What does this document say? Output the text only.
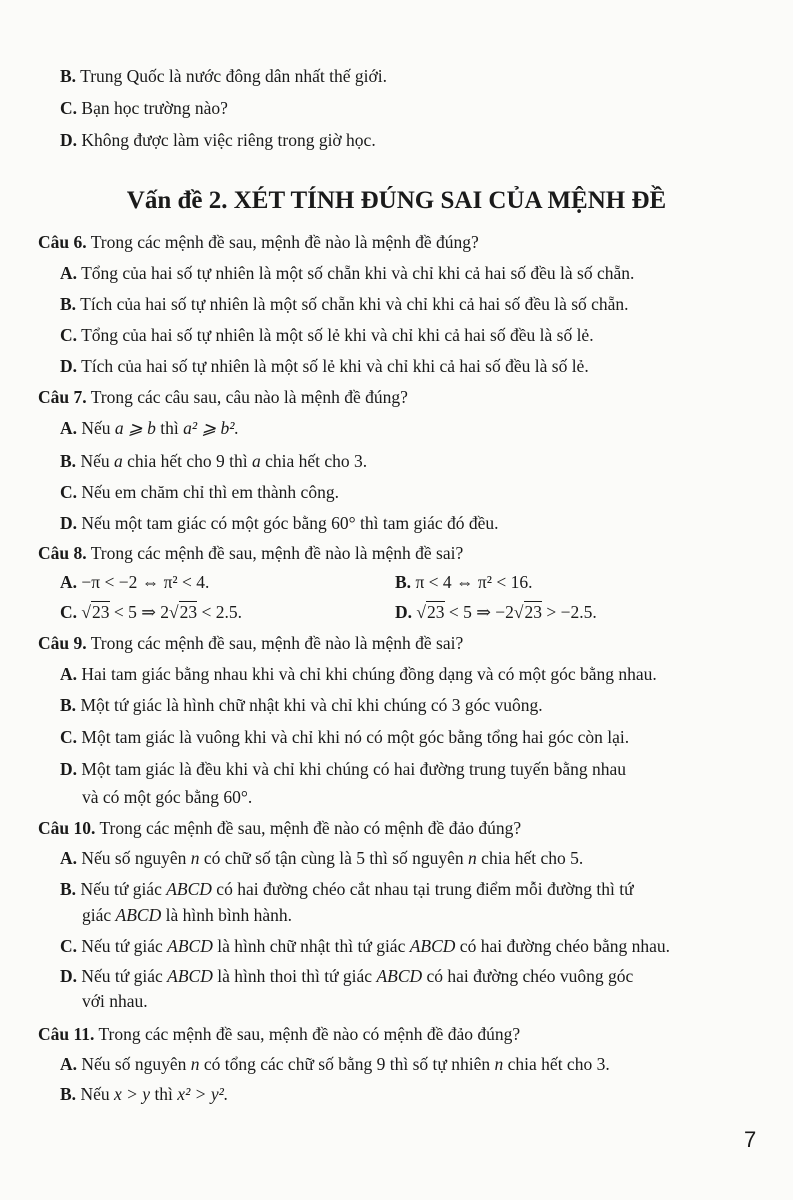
B. Trung Quốc là nước đông dân nhất thế giới.
C. Bạn học trường nào?
D. Không được làm việc riêng trong giờ học.
Vấn đề 2. XÉT TÍNH ĐÚNG SAI CỦA MỆNH ĐỀ
Câu 6. Trong các mệnh đề sau, mệnh đề nào là mệnh đề đúng?
A. Tổng của hai số tự nhiên là một số chẵn khi và chỉ khi cả hai số đều là số chẵn.
B. Tích của hai số tự nhiên là một số chẵn khi và chỉ khi cả hai số đều là số chẵn.
C. Tổng của hai số tự nhiên là một số lẻ khi và chỉ khi cả hai số đều là số lẻ.
D. Tích của hai số tự nhiên là một số lẻ khi và chỉ khi cả hai số đều là số lẻ.
Câu 7. Trong các câu sau, câu nào là mệnh đề đúng?
A. Nếu a ⩾ b thì a² ⩾ b².
B. Nếu a chia hết cho 9 thì a chia hết cho 3.
C. Nếu em chăm chỉ thì em thành công.
D. Nếu một tam giác có một góc bằng 60° thì tam giác đó đều.
Câu 8. Trong các mệnh đề sau, mệnh đề nào là mệnh đề sai?
A. −π < −2 ⇔ π² < 4.	B. π < 4 ⇔ π² < 16.
C. √23 < 5 ⇒ 2√23 < 2.5.	D. √23 < 5 ⇒ −2√23 > −2.5.
Câu 9. Trong các mệnh đề sau, mệnh đề nào là mệnh đề sai?
A. Hai tam giác bằng nhau khi và chỉ khi chúng đồng dạng và có một góc bằng nhau.
B. Một tứ giác là hình chữ nhật khi và chỉ khi chúng có 3 góc vuông.
C. Một tam giác là vuông khi và chỉ khi nó có một góc bằng tổng hai góc còn lại.
D. Một tam giác là đều khi và chỉ khi chúng có hai đường trung tuyến bằng nhau
và có một góc bằng 60°.
Câu 10. Trong các mệnh đề sau, mệnh đề nào có mệnh đề đảo đúng?
A. Nếu số nguyên n có chữ số tận cùng là 5 thì số nguyên n chia hết cho 5.
B. Nếu tứ giác ABCD có hai đường chéo cắt nhau tại trung điểm mỗi đường thì tứ
giác ABCD là hình bình hành.
C. Nếu tứ giác ABCD là hình chữ nhật thì tứ giác ABCD có hai đường chéo bằng nhau.
D. Nếu tứ giác ABCD là hình thoi thì tứ giác ABCD có hai đường chéo vuông góc
với nhau.
Câu 11. Trong các mệnh đề sau, mệnh đề nào có mệnh đề đảo đúng?
A. Nếu số nguyên n có tổng các chữ số bằng 9 thì số tự nhiên n chia hết cho 3.
B. Nếu x > y thì x² > y².
7
